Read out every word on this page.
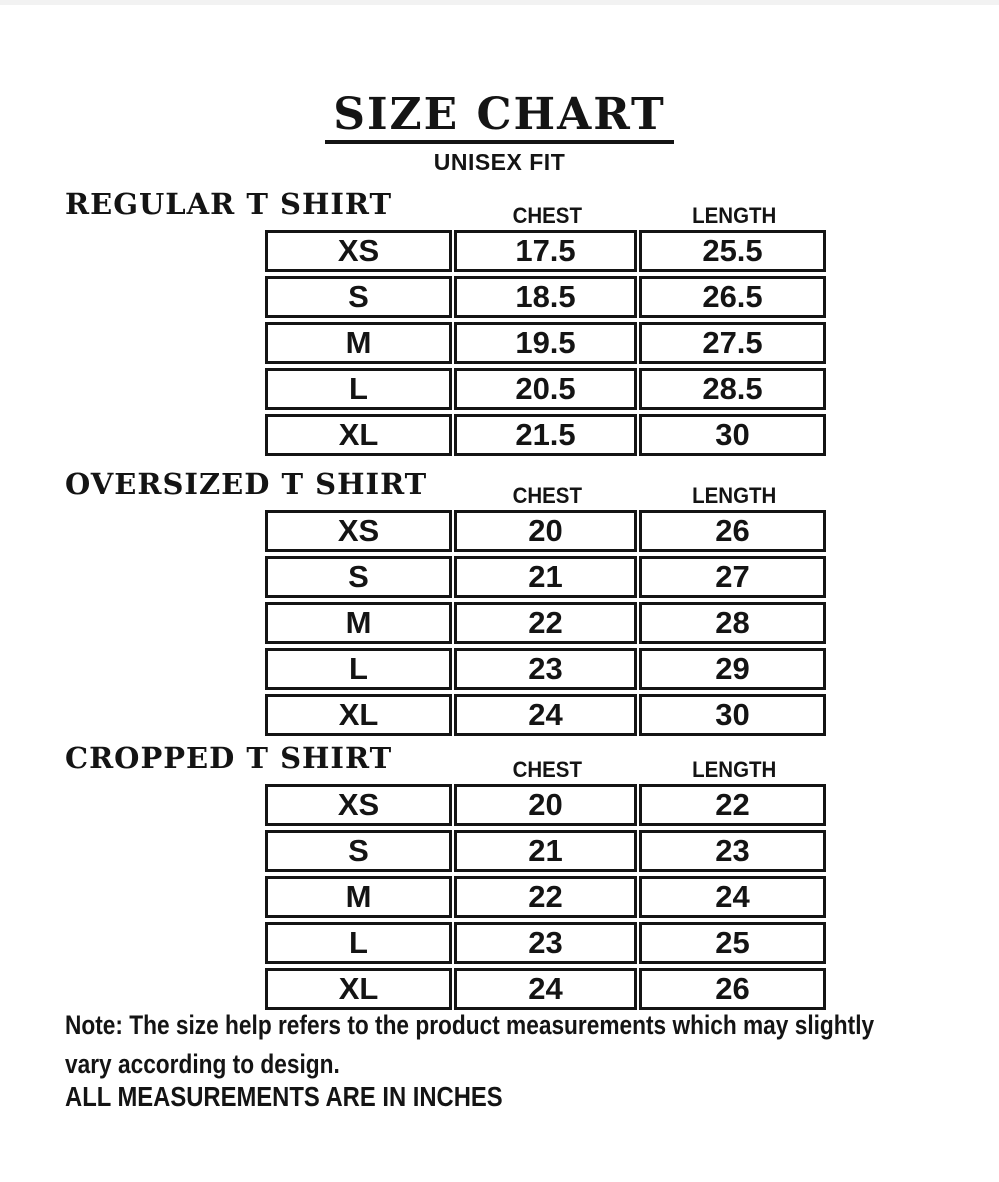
SIZE CHART
UNISEX FIT
REGULAR T SHIRT	CHEST	LENGTH
XS	17.5	25.5
S	18.5	26.5
M	19.5	27.5
L	20.5	28.5
XL	21.5	30
OVERSIZED T SHIRT	CHEST	LENGTH
XS	20	26
S	21	27
M	22	28
L	23	29
XL	24	30
CROPPED T SHIRT	CHEST	LENGTH
XS	20	22
S	21	23
M	22	24
L	23	25
XL	24	26
Note: The size help refers to the product measurements which may slightly
vary according to design.
ALL MEASUREMENTS ARE IN INCHES
